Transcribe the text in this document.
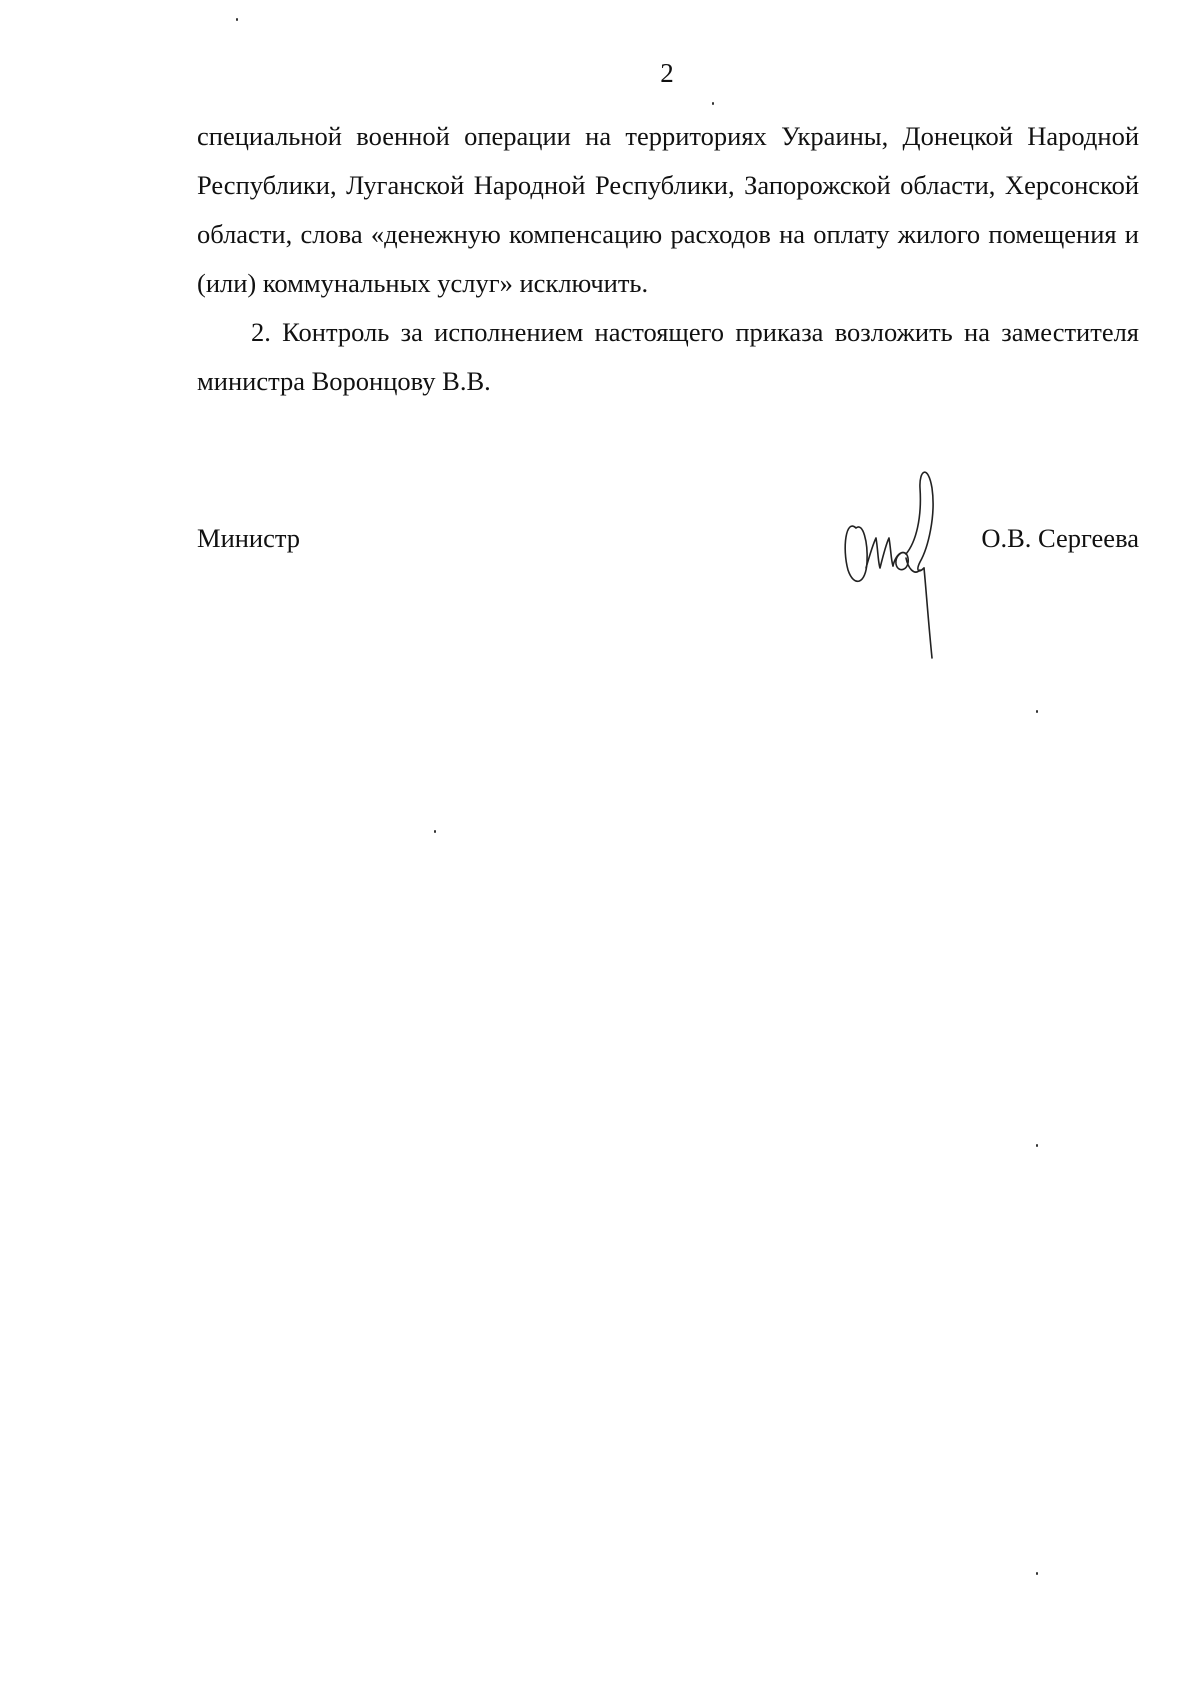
2

специальной военной операции на территориях Украины, Донецкой Народной Республики, Луганской Народной Республики, Запорожской области, Херсонской области, слова «денежную компенсацию расходов на оплату жилого помещения и (или) коммунальных услуг» исключить.

2. Контроль за исполнением настоящего приказа возложить на заместителя министра Воронцову В.В.

Министр	О.В. Сергеева
